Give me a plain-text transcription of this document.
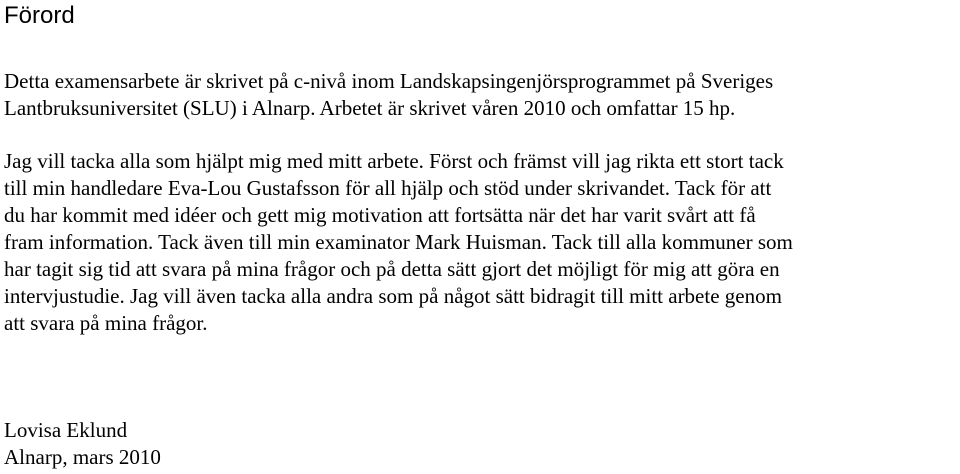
Förord

Detta examensarbete är skrivet på c-nivå inom Landskapsingenjörsprogrammet på Sveriges
Lantbruksuniversitet (SLU) i Alnarp. Arbetet är skrivet våren 2010 och omfattar 15 hp.

Jag vill tacka alla som hjälpt mig med mitt arbete. Först och främst vill jag rikta ett stort tack
till min handledare Eva-Lou Gustafsson för all hjälp och stöd under skrivandet. Tack för att
du har kommit med idéer och gett mig motivation att fortsätta när det har varit svårt att få
fram information. Tack även till min examinator Mark Huisman. Tack till alla kommuner som
har tagit sig tid att svara på mina frågor och på detta sätt gjort det möjligt för mig att göra en
intervjustudie. Jag vill även tacka alla andra som på något sätt bidragit till mitt arbete genom
att svara på mina frågor.

Lovisa Eklund
Alnarp, mars 2010
